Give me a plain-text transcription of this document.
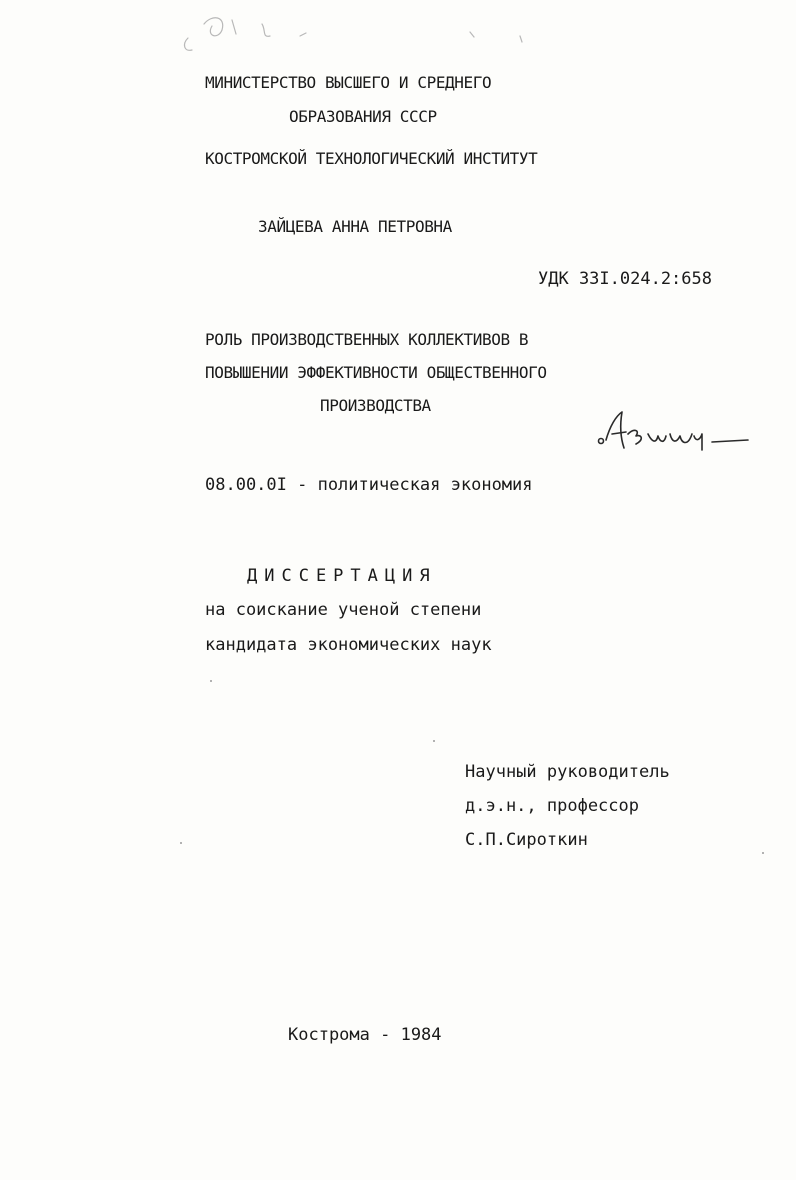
МИНИСТЕРСТВО ВЫСШЕГО И СРЕДНЕГО
ОБРАЗОВАНИЯ СССР
КОСТРОМСКОЙ ТЕХНОЛОГИЧЕСКИЙ ИНСТИТУТ
ЗАЙЦЕВА АННА ПЕТРОВНА
УДК 33I.024.2:658
РОЛЬ ПРОИЗВОДСТВЕННЫХ КОЛЛЕКТИВОВ В
ПОВЫШЕНИИ ЭФФЕКТИВНОСТИ ОБЩЕСТВЕННОГО
ПРОИЗВОДСТВА
08.00.0I - политическая экономия
ДИССЕРТАЦИЯ
на соискание ученой степени
кандидата экономических наук
Научный руководитель
д.э.н., профессор
С.П.Сироткин
Кострома - 1984
